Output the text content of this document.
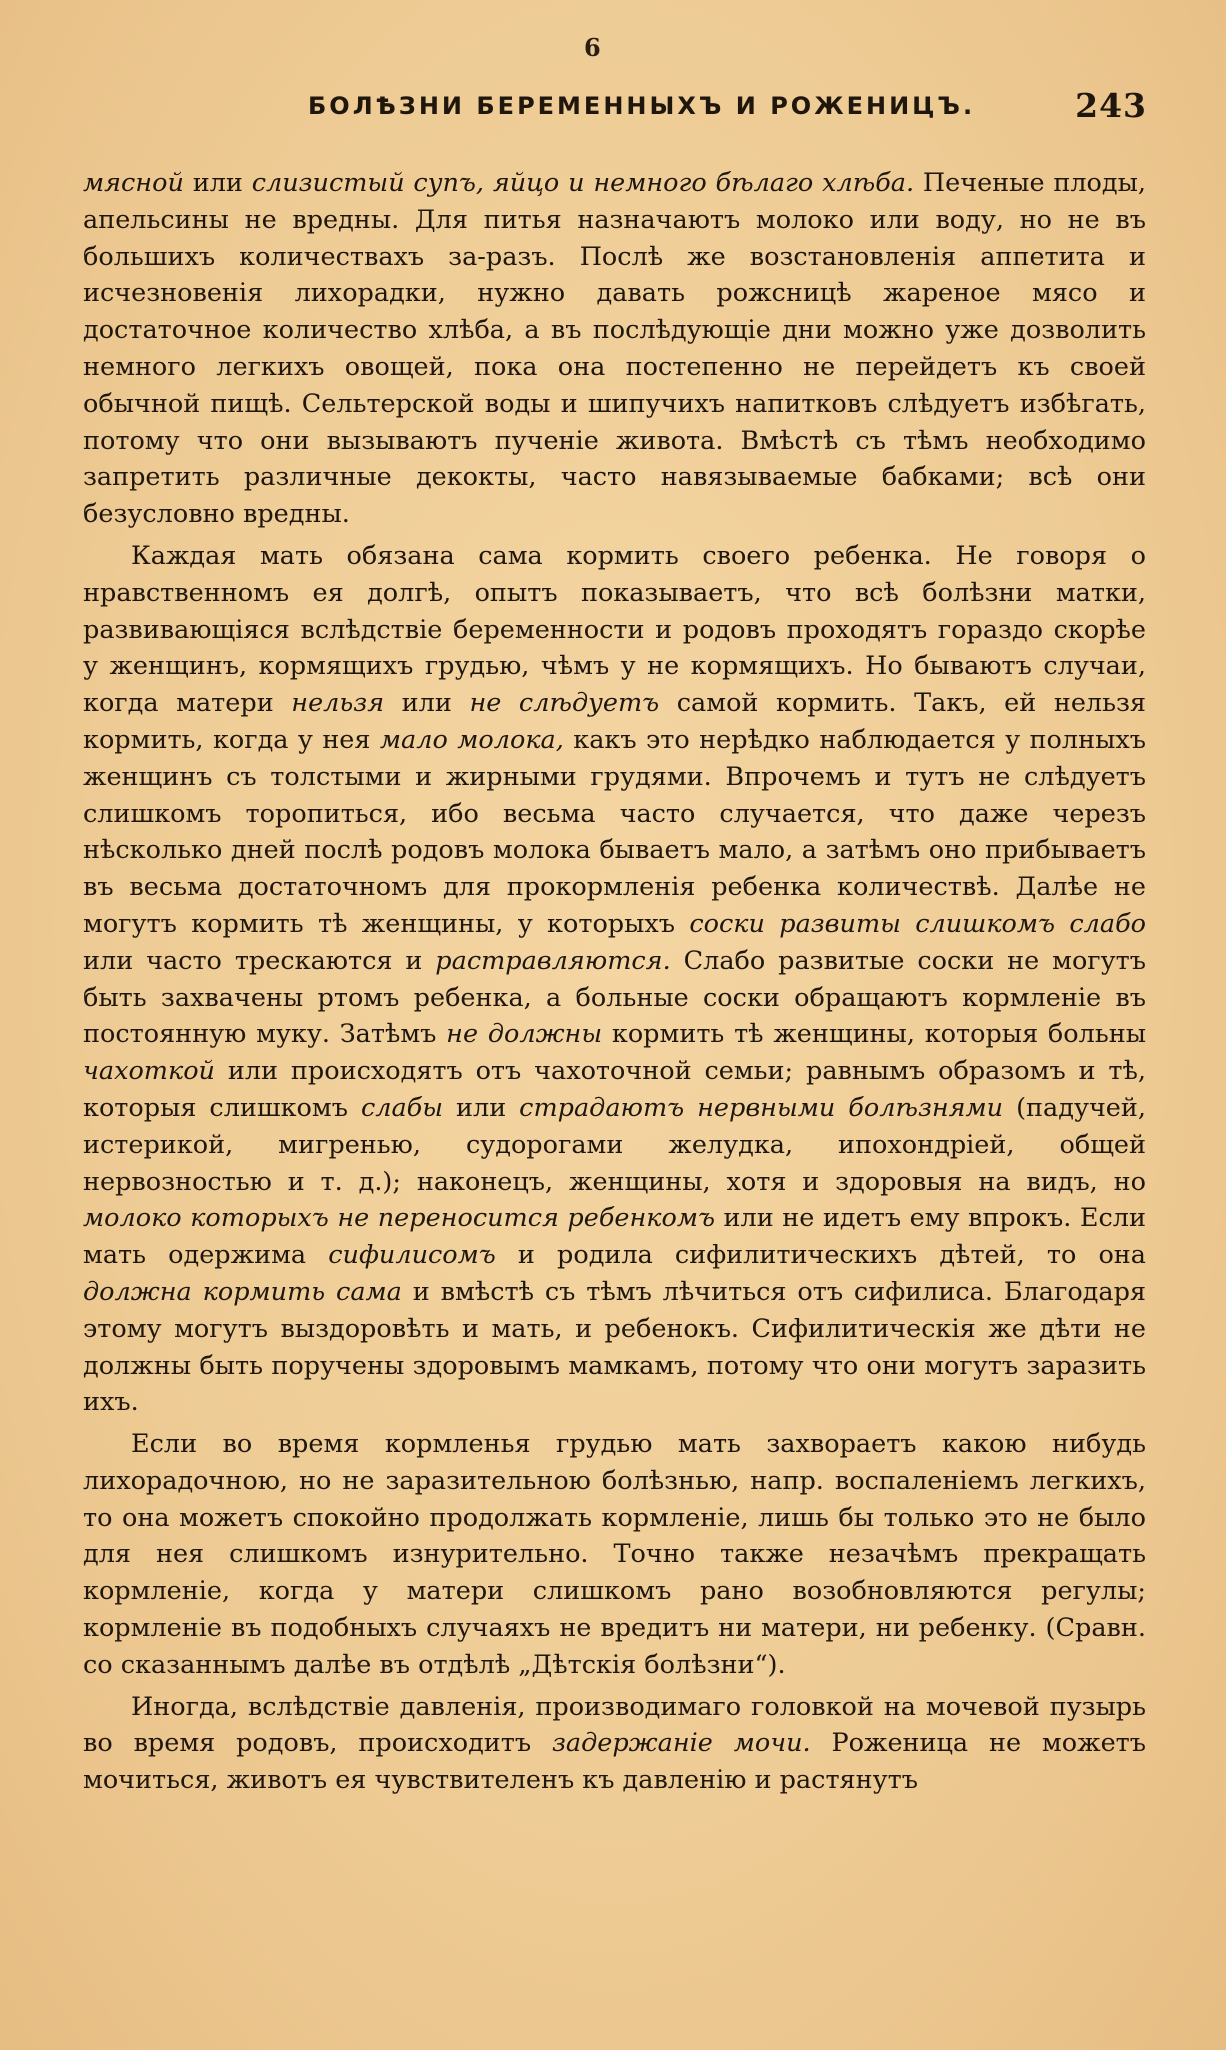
6
БОЛѢЗНИ БЕРЕМЕННЫХЪ И РОЖЕНИЦЪ.	243

мясной или слизистый супъ, яйцо и немного бѣлаго хлѣба. Печеные плоды, апельсины не вредны. Для питья назначаютъ молоко или воду, но не въ большихъ количествахъ за-разъ. Послѣ же возстановленія аппетита и исчезновенія лихорадки, нужно давать рожсницѣ жареное мясо и достаточное количество хлѣба, а въ послѣдующіе дни можно уже дозволить немного легкихъ овощей, пока она постепенно не перейдетъ къ своей обычной пищѣ. Сельтерской воды и шипучихъ напитковъ слѣдуетъ избѣгать, потому что они вызываютъ пученіе живота. Вмѣстѣ съ тѣмъ необходимо запретить различные декокты, часто навязываемые бабками; всѣ они безусловно вредны.

Каждая мать обязана сама кормить своего ребенка. Не говоря о нравственномъ ея долгѣ, опытъ показываетъ, что всѣ болѣзни матки, развивающіяся вслѣдствіе беременности и родовъ проходятъ гораздо скорѣе у женщинъ, кормящихъ грудью, чѣмъ у не кормящихъ. Но бываютъ случаи, когда матери нельзя или не слѣдуетъ самой кормить. Такъ, ей нельзя кормить, когда у нея мало молока, какъ это нерѣдко наблюдается у полныхъ женщинъ съ толстыми и жирными грудями. Впрочемъ и тутъ не слѣдуетъ слишкомъ торопиться, ибо весьма часто случается, что даже черезъ нѣсколько дней послѣ родовъ молока бываетъ мало, а затѣмъ оно прибываетъ въ весьма достаточномъ для прокормленія ребенка количествѣ. Далѣе не могутъ кормить тѣ женщины, у которыхъ соски развиты слишкомъ слабо или часто трескаются и растравляются. Слабо развитые соски не могутъ быть захвачены ртомъ ребенка, а больные соски обращаютъ кормленіе въ постоянную муку. Затѣмъ не должны кормить тѣ женщины, которыя больны чахоткой или происходятъ отъ чахоточной семьи; равнымъ образомъ и тѣ, которыя слишкомъ слабы или страдаютъ нервными болѣзнями (падучей, истерикой, мигренью, судорогами желудка, ипохондріей, общей нервозностью и т. д.); наконецъ, женщины, хотя и здоровыя на видъ, но молоко которыхъ не переносится ребенкомъ или не идетъ ему впрокъ. Если мать одержима сифилисомъ и родила сифилитическихъ дѣтей, то она должна кормить сама и вмѣстѣ съ тѣмъ лѣчиться отъ сифилиса. Благодаря этому могутъ выздоровѣть и мать, и ребенокъ. Сифилитическія же дѣти не должны быть поручены здоровымъ мамкамъ, потому что они могутъ заразить ихъ.

Если во время кормленья грудью мать захвораетъ какою нибудь лихорадочною, но не заразительною болѣзнью, напр. воспаленіемъ легкихъ, то она можетъ спокойно продолжать кормленіе, лишь бы только это не было для нея слишкомъ изнурительно. Точно также незачѣмъ прекращать кормленіе, когда у матери слишкомъ рано возобновляются регулы; кормленіе въ подобныхъ случаяхъ не вредитъ ни матери, ни ребенку. (Сравн. со сказаннымъ далѣе въ отдѣлѣ „Дѣтскія болѣзни“).

Иногда, вслѣдствіе давленія, производимаго головкой на мочевой пузырь во время родовъ, происходитъ задержаніе мочи. Роженица не можетъ мочиться, животъ ея чувствителенъ къ давленію и растянутъ
